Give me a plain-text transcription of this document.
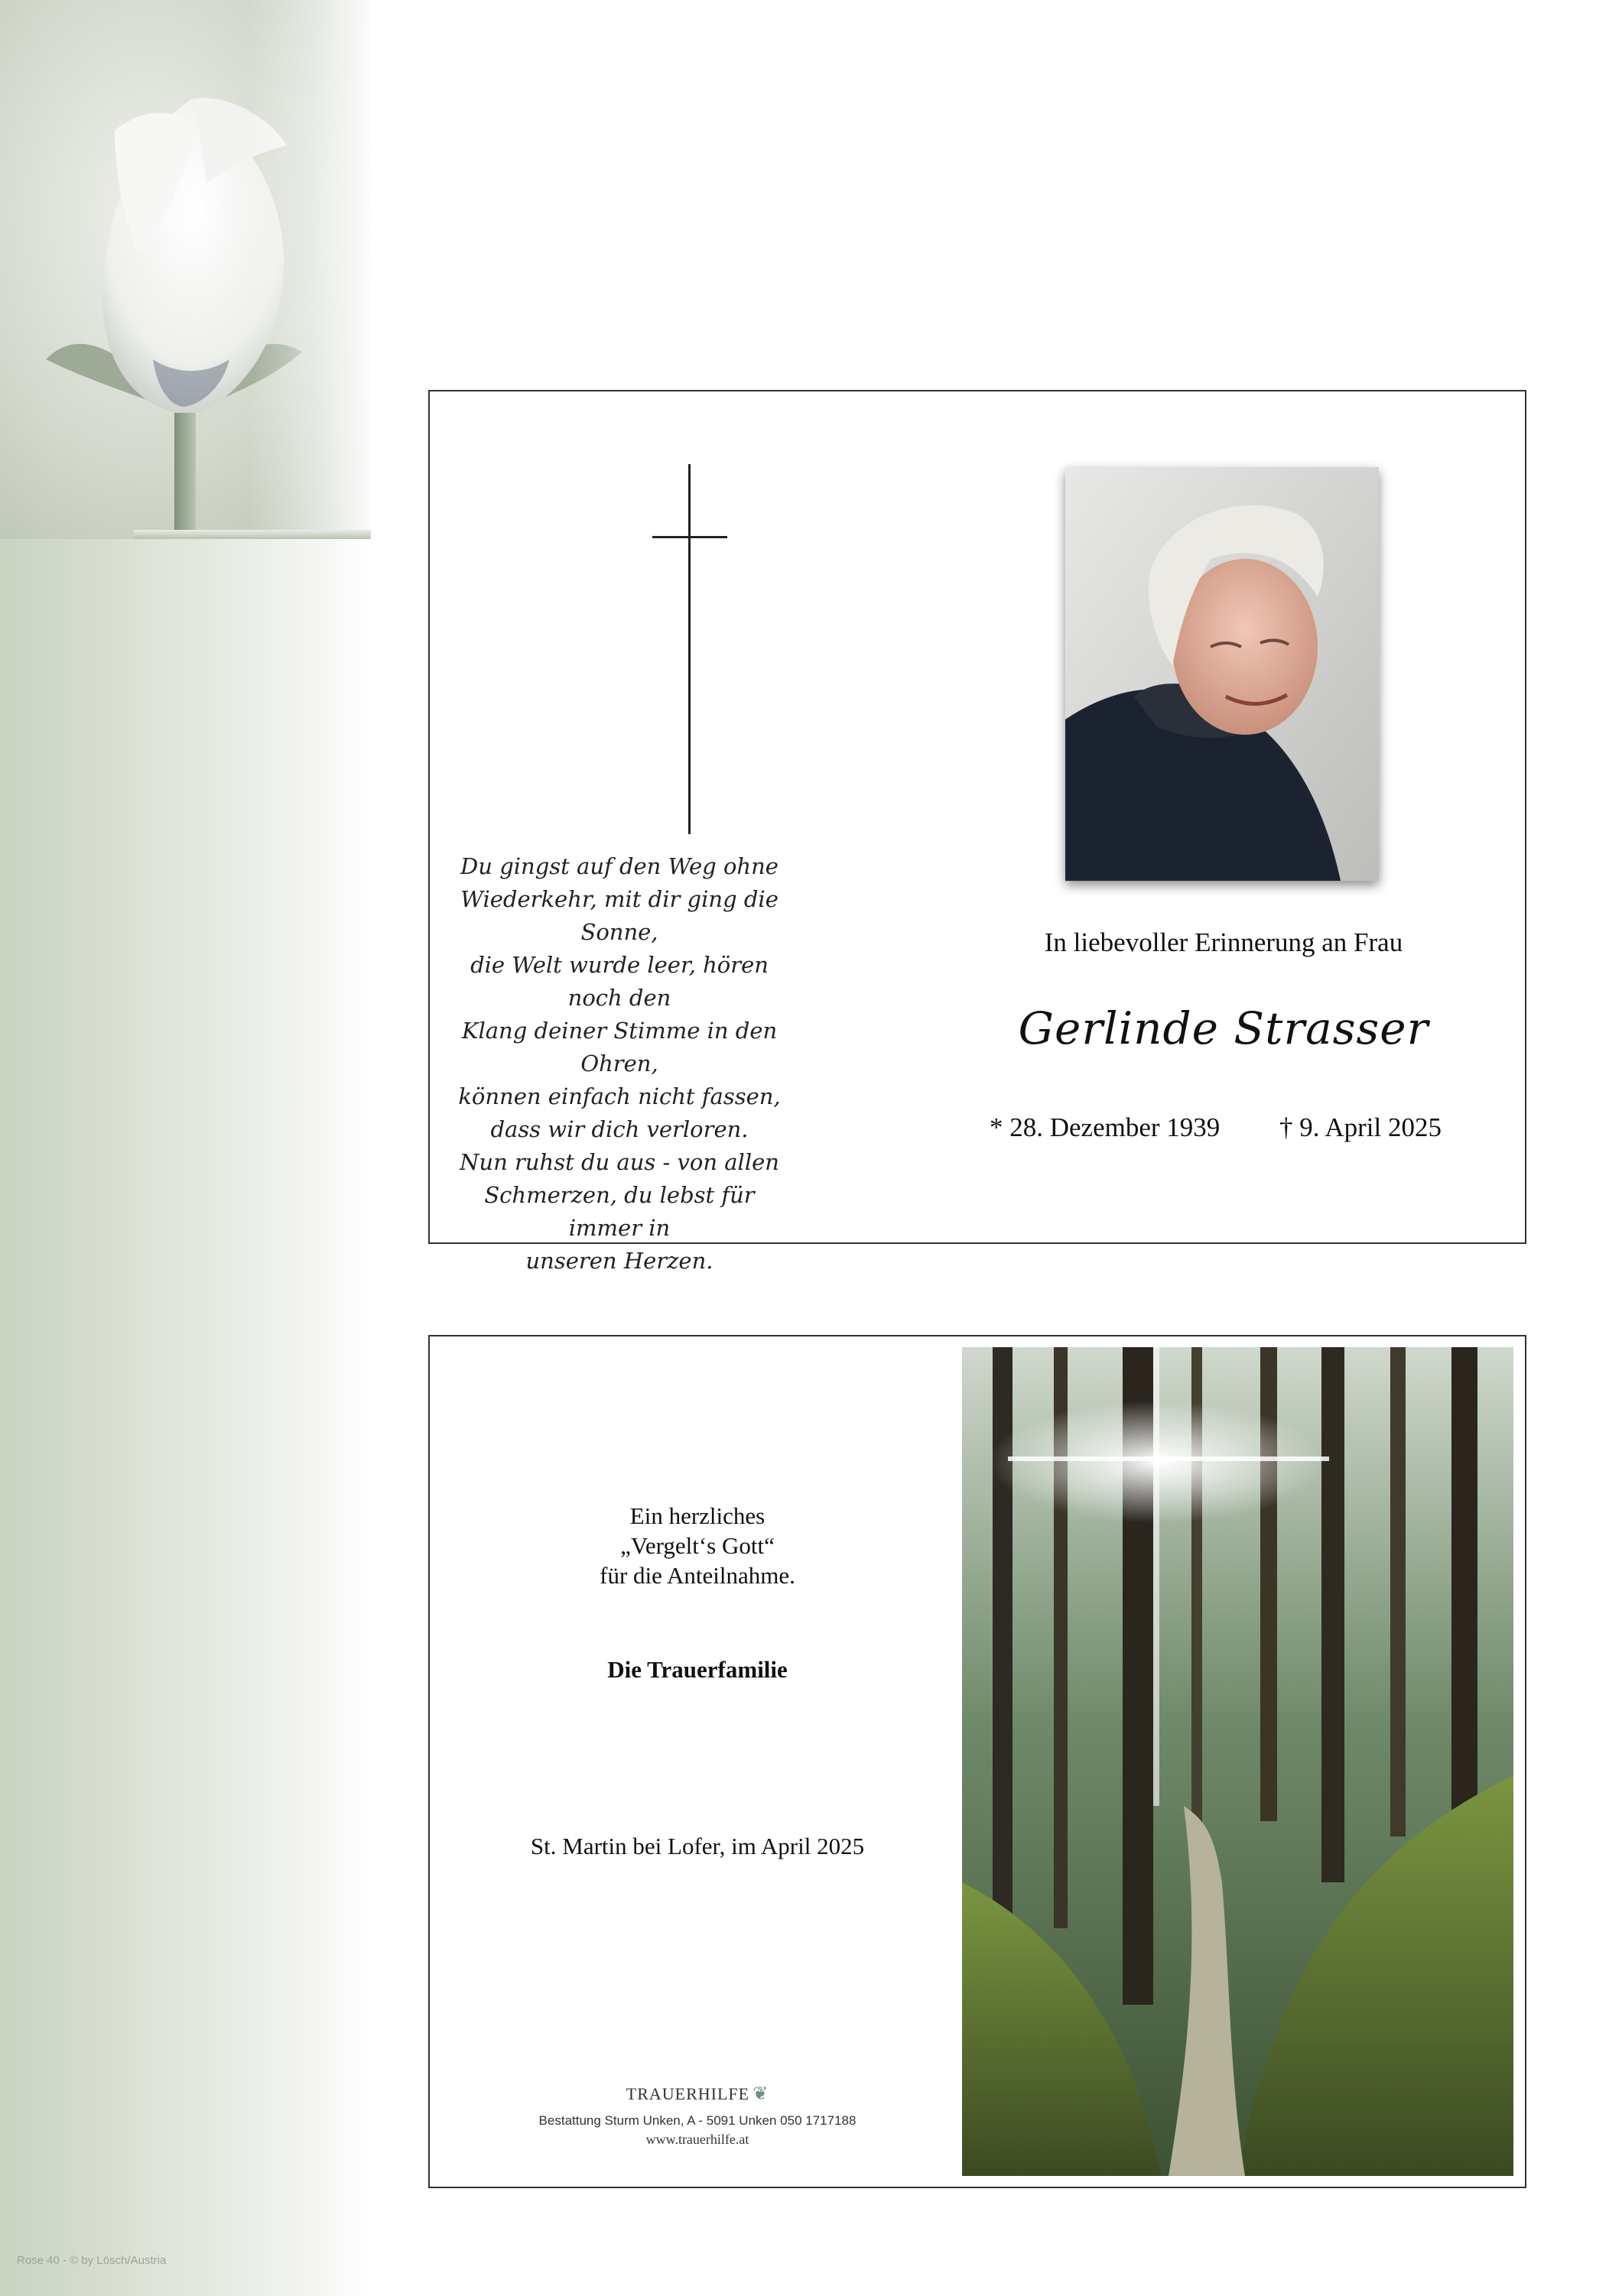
Rose 40 - © by Lösch/Austria
Du gingst auf den Weg ohne
Wiederkehr, mit dir ging die Sonne,
die Welt wurde leer, hören noch den
Klang deiner Stimme in den Ohren,
können einfach nicht fassen,
dass wir dich verloren.
Nun ruhst du aus - von allen
Schmerzen, du lebst für immer in
unseren Herzen.
In liebevoller Erinnerung an Frau
Gerlinde Strasser
* 28. Dezember 1939 † 9. April 2025
Ein herzliches
„Vergelt‘s Gott“
für die Anteilnahme.
Die Trauerfamilie
St. Martin bei Lofer, im April 2025
TRAUERHILFE ❦
Bestattung Sturm Unken, A - 5091 Unken 050 1717188
www.trauerhilfe.at
